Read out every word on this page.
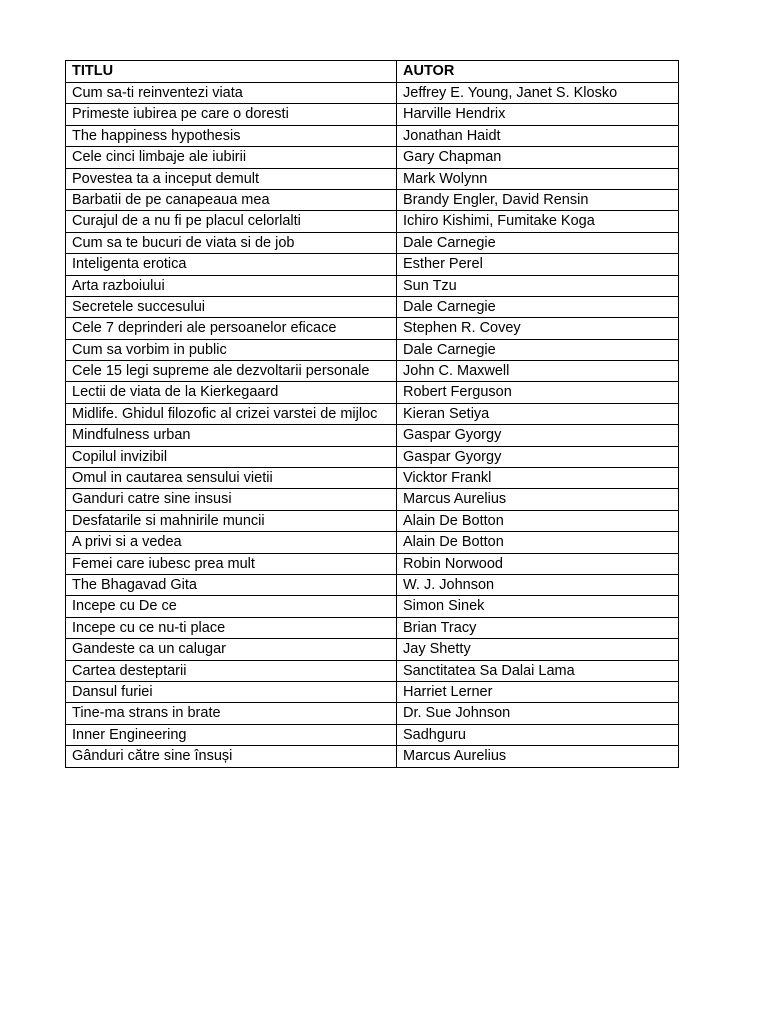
TITLU	AUTOR
Cum sa-ti reinventezi viata	Jeffrey E. Young, Janet S. Klosko
Primeste iubirea pe care o doresti	Harville Hendrix
The happiness hypothesis	Jonathan Haidt
Cele cinci limbaje ale iubirii	Gary Chapman
Povestea ta a inceput demult	Mark Wolynn
Barbatii de pe canapeaua mea	Brandy Engler, David Rensin
Curajul de a nu fi pe placul celorlalti	Ichiro Kishimi, Fumitake Koga
Cum sa te bucuri de viata si de job	Dale Carnegie
Inteligenta erotica	Esther Perel
Arta razboiului	Sun Tzu
Secretele succesului	Dale Carnegie
Cele 7 deprinderi ale persoanelor eficace	Stephen R. Covey
Cum sa vorbim in public	Dale Carnegie
Cele 15 legi supreme ale dezvoltarii personale	John C. Maxwell
Lectii de viata de la Kierkegaard	Robert Ferguson
Midlife. Ghidul filozofic al crizei varstei de mijloc	Kieran Setiya
Mindfulness urban	Gaspar Gyorgy
Copilul invizibil	Gaspar Gyorgy
Omul in cautarea sensului vietii	Vicktor Frankl
Ganduri catre sine insusi	Marcus Aurelius
Desfatarile si mahnirile muncii	Alain De Botton
A privi si a vedea	Alain De Botton
Femei care iubesc prea mult	Robin Norwood
The Bhagavad Gita	W. J. Johnson
Incepe cu De ce	Simon Sinek
Incepe cu ce nu-ti place	Brian Tracy
Gandeste ca un calugar	Jay Shetty
Cartea desteptarii	Sanctitatea Sa Dalai Lama
Dansul furiei	Harriet Lerner
Tine-ma strans in brate	Dr. Sue Johnson
Inner Engineering	Sadhguru
Gânduri către sine însuși	Marcus Aurelius
